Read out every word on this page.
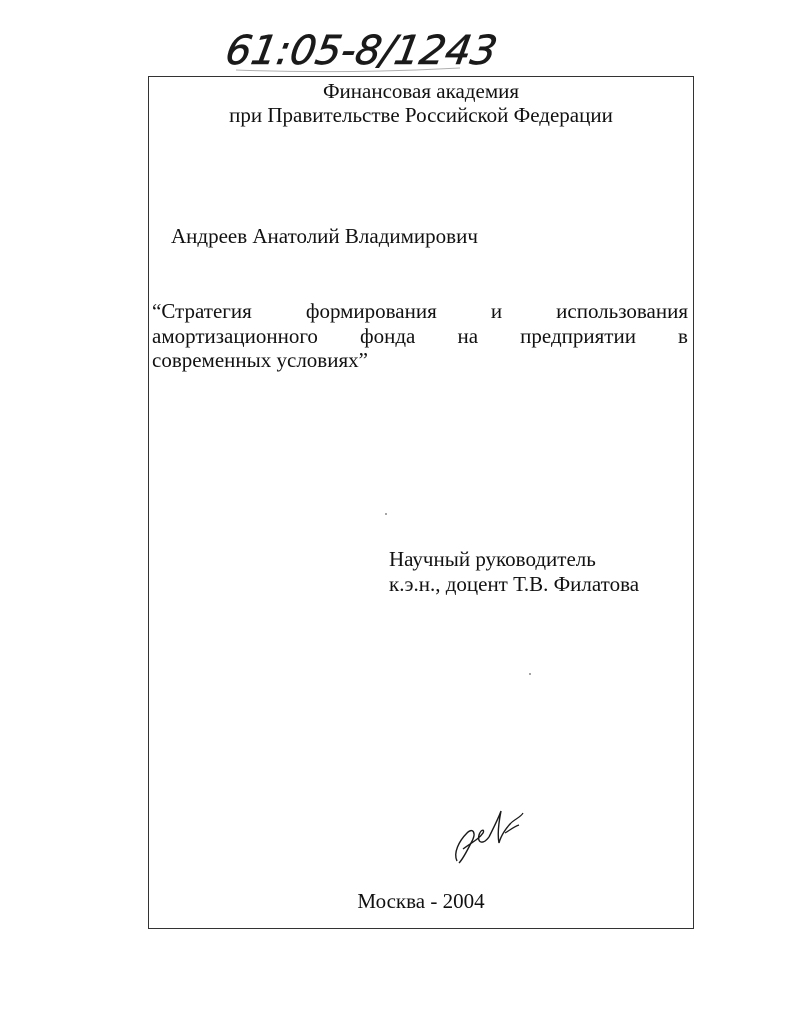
61:05-8/1243
Финансовая академия
при Правительстве Российской Федерации
Андреев Анатолий Владимирович
“Стратегия	формирования	и	использования
амортизационного фонда на предприятии в
современных условиях”
Научный руководитель
к.э.н., доцент Т.В. Филатова
Москва - 2004
